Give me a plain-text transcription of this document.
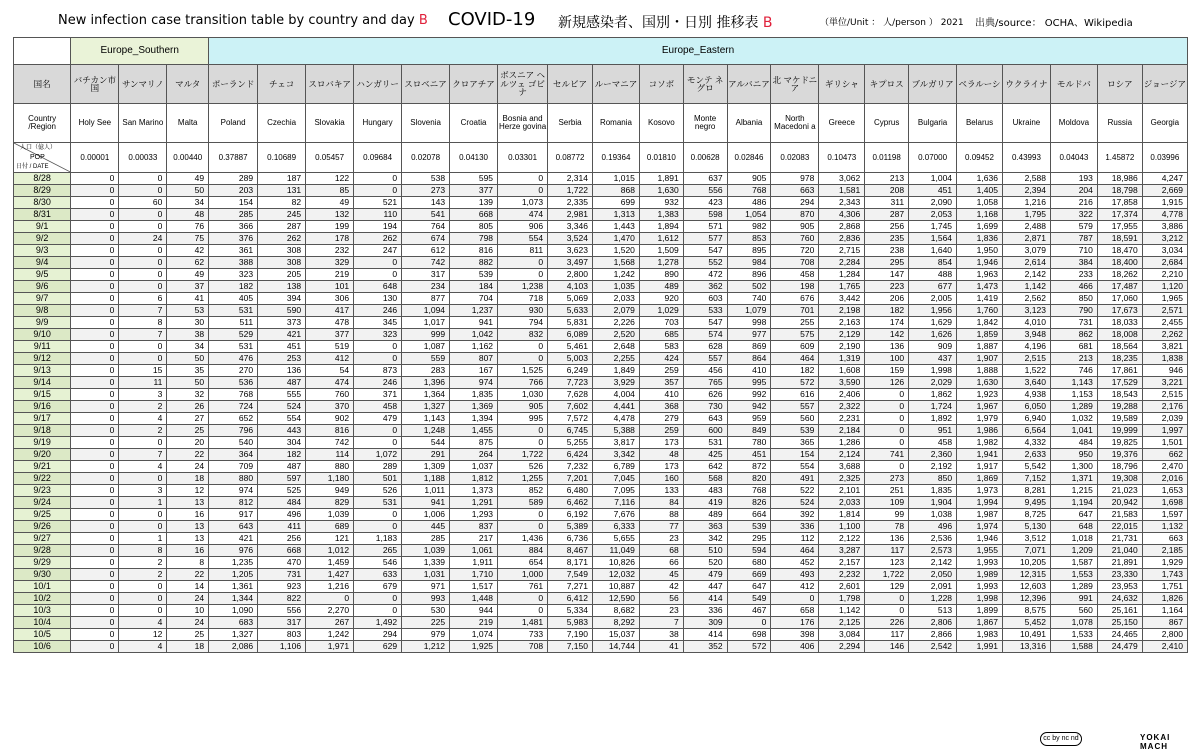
New infection case transition table by country and day B COVID-19 新規感染者、国別・日別 推移表 B	（単位/Unit ： 人/person ） 2021 出典/source： OCHA、Wikipedia
	Europe_Southern			Europe_Eastern																				
国名	バチカン市国	サンマリノ	マルタ	ポーランド	チェコ	スロバキア	ハンガリー	スロベニア	クロアチア	ボスニア ヘルツェ ゴビナ	セルビア	ルーマニア	コソボ	モンテ ネグロ	アルバニア	北 マケドニア	ギリシャ	キプロス	ブルガリア	ベラルーシ	ウクライナ	モルドバ	ロシア	ジョージア
Country /Region	Holy See	San Marino	Malta	Poland	Czechia	Slovakia	Hungary	Slovenia	Croatia	Bosnia and Herze govina	Serbia	Romania	Kosovo	Monte negro	Albania	North Macedoni a	Greece	Cyprus	Bulgaria	Belarus	Ukraine	Moldova	Russia	Georgia

人口（億人）
POP
日付 / DATE	0.00001	0.00033	0.00440	0.37887	0.10689	0.05457	0.09684	0.02078	0.04130	0.03301	0.08772	0.19364	0.01810	0.00628	0.02846	0.02083	0.10473	0.01198	0.07000	0.09452	0.43993	0.04043	1.45872	0.03996
8/28	0	0	49	289	187	122	0	538	595	0	2,314	1,015	1,891	637	905	978	3,062	213	1,004	1,636	2,588	193	18,986	4,247
8/29	0	0	50	203	131	85	0	273	377	0	1,722	868	1,630	556	768	663	1,581	208	451	1,405	2,394	204	18,798	2,669
8/30	0	60	34	154	82	49	521	143	139	1,073	2,335	699	932	423	486	294	2,343	311	2,090	1,058	1,216	216	17,858	1,915
8/31	0	0	48	285	245	132	110	541	668	474	2,981	1,313	1,383	598	1,054	870	4,306	287	2,053	1,168	1,795	322	17,374	4,778
9/1	0	0	76	366	287	199	194	764	805	906	3,346	1,443	1,894	571	982	905	2,868	256	1,745	1,699	2,488	579	17,955	3,886
9/2	0	24	75	376	262	178	262	674	798	554	3,524	1,470	1,612	577	853	760	2,836	235	1,564	1,836	2,871	787	18,591	3,212
9/3	0	0	42	361	308	232	247	612	816	811	3,623	1,520	1,509	547	895	720	2,715	238	1,640	1,950	3,079	710	18,470	3,034
9/4	0	0	62	388	308	329	0	742	882	0	3,497	1,568	1,278	552	984	708	2,284	295	854	1,946	2,614	384	18,400	2,684
9/5	0	0	49	323	205	219	0	317	539	0	2,800	1,242	890	472	896	458	1,284	147	488	1,963	2,142	233	18,262	2,210
9/6	0	0	37	182	138	101	648	234	184	1,238	4,103	1,035	489	362	502	198	1,765	223	677	1,473	1,142	466	17,487	1,120
9/7	0	6	41	405	394	306	130	877	704	718	5,069	2,033	920	603	740	676	3,442	206	2,005	1,419	2,562	850	17,060	1,965
9/8	0	7	53	531	590	417	246	1,094	1,237	930	5,633	2,079	1,029	533	1,079	701	2,198	182	1,956	1,760	3,123	790	17,673	2,571
9/9	0	8	30	511	373	478	345	1,017	941	794	5,831	2,226	703	547	998	255	2,163	174	1,629	1,842	4,010	731	18,033	2,455
9/10	0	7	38	529	421	377	323	999	1,042	832	6,089	2,520	685	574	977	575	2,129	142	1,626	1,859	3,948	862	18,008	2,262
9/11	0	0	34	531	451	519	0	1,087	1,162	0	5,461	2,648	583	628	869	609	2,190	136	909	1,887	4,196	681	18,564	3,821
9/12	0	0	50	476	253	412	0	559	807	0	5,003	2,255	424	557	864	464	1,319	100	437	1,907	2,515	213	18,235	1,838
9/13	0	15	35	270	136	54	873	283	167	1,525	6,249	1,849	259	456	410	182	1,608	159	1,998	1,888	1,522	746	17,861	946
9/14	0	11	50	536	487	474	246	1,396	974	766	7,723	3,929	357	765	995	572	3,590	126	2,029	1,630	3,640	1,143	17,529	3,221
9/15	0	3	32	768	555	760	371	1,364	1,835	1,030	7,628	4,004	410	626	992	616	2,406	0	1,862	1,923	4,938	1,153	18,543	2,515
9/16	0	2	26	724	524	370	458	1,327	1,369	905	7,602	4,441	368	730	942	557	2,322	0	1,724	1,967	6,050	1,289	19,288	2,176
9/17	0	4	27	652	554	902	479	1,143	1,394	995	7,572	4,478	279	643	959	560	2,231	0	1,892	1,979	6,940	1,032	19,589	2,039
9/18	0	2	25	796	443	816	0	1,248	1,455	0	6,745	5,388	259	600	849	539	2,184	0	951	1,986	6,564	1,041	19,999	1,997
9/19	0	0	20	540	304	742	0	544	875	0	5,255	3,817	173	531	780	365	1,286	0	458	1,982	4,332	484	19,825	1,501
9/20	0	7	22	364	182	114	1,072	291	264	1,722	6,424	3,342	48	425	451	154	2,124	741	2,360	1,941	2,633	950	19,376	662
9/21	0	4	24	709	487	880	289	1,309	1,037	526	7,232	6,789	173	642	872	554	3,688	0	2,192	1,917	5,542	1,300	18,796	2,470
9/22	0	0	18	880	597	1,180	501	1,188	1,812	1,255	7,201	7,045	160	568	820	491	2,325	273	850	1,869	7,152	1,371	19,308	2,016
9/23	0	3	12	974	525	949	526	1,011	1,373	852	6,480	7,095	133	483	768	522	2,101	251	1,835	1,973	8,281	1,215	21,023	1,653
9/24	0	1	13	812	484	829	531	941	1,291	589	6,462	7,116	84	419	826	524	2,033	109	1,904	1,994	9,495	1,194	20,942	1,698
9/25	0	0	16	917	496	1,039	0	1,006	1,293	0	6,192	7,676	88	489	664	392	1,814	99	1,038	1,987	8,725	647	21,583	1,597
9/26	0	0	13	643	411	689	0	445	837	0	5,389	6,333	77	363	539	336	1,100	78	496	1,974	5,130	648	22,015	1,132
9/27	0	1	13	421	256	121	1,183	285	217	1,436	6,736	5,655	23	342	295	112	2,122	136	2,536	1,946	3,512	1,018	21,731	663
9/28	0	8	16	976	668	1,012	265	1,039	1,061	884	8,467	11,049	68	510	594	464	3,287	117	2,573	1,955	7,071	1,209	21,040	2,185
9/29	0	2	8	1,235	470	1,459	546	1,339	1,911	654	8,171	10,826	66	520	680	452	2,157	123	2,142	1,993	10,205	1,587	21,891	1,929
9/30	0	2	22	1,205	731	1,427	633	1,031	1,710	1,000	7,549	12,032	45	479	669	493	2,232	1,722	2,050	1,989	12,315	1,553	23,330	1,743
10/1	0	0	14	1,361	923	1,216	679	971	1,517	761	7,271	10,887	42	447	647	412	2,601	129	2,091	1,993	12,603	1,289	23,953	1,751
10/2	0	0	24	1,344	822	0	0	993	1,448	0	6,412	12,590	56	414	549	0	1,798	0	1,228	1,998	12,396	991	24,632	1,826
10/3	0	0	10	1,090	556	2,270	0	530	944	0	5,334	8,682	23	336	467	658	1,142	0	513	1,899	8,575	560	25,161	1,164
10/4	0	4	24	683	317	267	1,492	225	219	1,481	5,983	8,292	7	309	0	176	2,125	226	2,806	1,867	5,452	1,078	25,150	867
10/5	0	12	25	1,327	803	1,242	294	979	1,074	733	7,190	15,037	38	414	698	398	3,084	117	2,866	1,983	10,491	1,533	24,465	2,800
10/6	0	4	18	2,086	1,106	1,971	629	1,212	1,925	708	7,150	14,744	41	352	572	406	2,294	146	2,542	1,991	13,316	1,588	24,479	2,410
cc by nc nd	YOKAI MACH
